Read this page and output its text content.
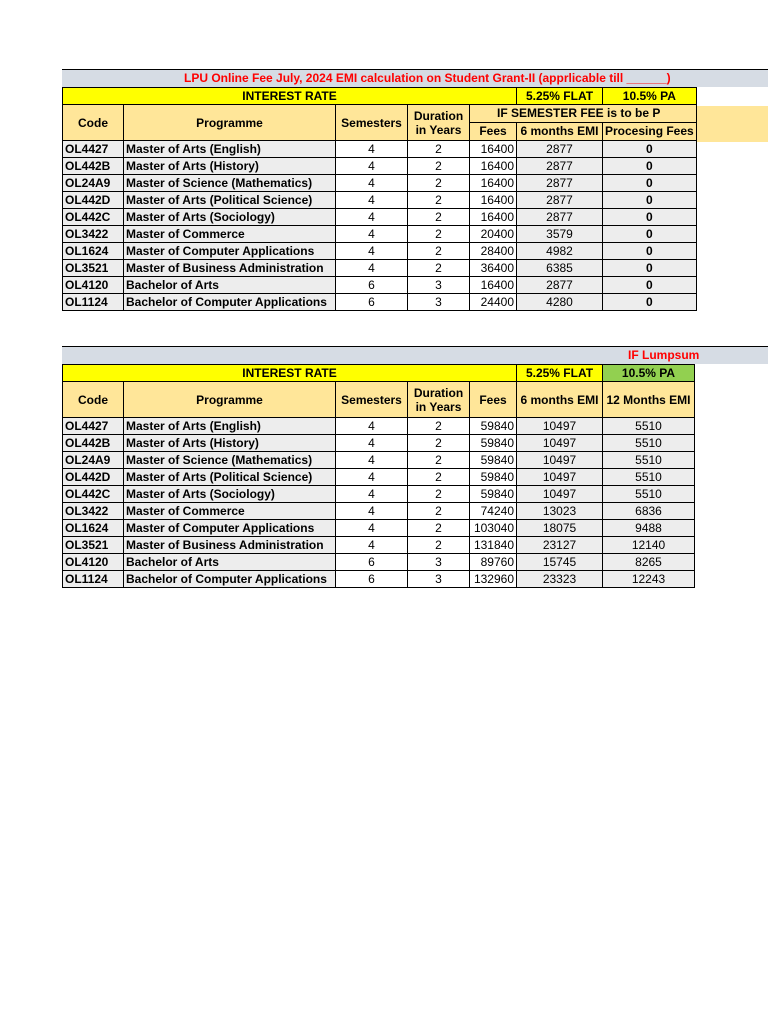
LPU Online Fee July, 2024 EMI calculation on Student Grant-II (apprlicable till ______)
INTEREST RATE					5.25% FLAT	10.5% PA
Code	Programme	Semesters	Duration in Years	IF SEMESTER FEE is to be P		
				Fees	6 months EMI	Procesing Fees
OL4427	Master of Arts (English)	4	2	16400	2877	0
OL442B	Master of Arts (History)	4	2	16400	2877	0
OL24A9	Master of Science (Mathematics)	4	2	16400	2877	0
OL442D	Master of Arts (Political Science)	4	2	16400	2877	0
OL442C	Master of Arts (Sociology)	4	2	16400	2877	0
OL3422	Master of Commerce	4	2	20400	3579	0
OL1624	Master of Computer Applications	4	2	28400	4982	0
OL3521	Master of Business Administration	4	2	36400	6385	0
OL4120	Bachelor of Arts	6	3	16400	2877	0
OL1124	Bachelor of Computer Applications	6	3	24400	4280	0
IF Lumpsum
INTEREST RATE					5.25% FLAT	10.5% PA
Code	Programme	Semesters	Duration in Years	Fees	6 months EMI	12 Months EMI
OL4427	Master of Arts (English)	4	2	59840	10497	5510
OL442B	Master of Arts (History)	4	2	59840	10497	5510
OL24A9	Master of Science (Mathematics)	4	2	59840	10497	5510
OL442D	Master of Arts (Political Science)	4	2	59840	10497	5510
OL442C	Master of Arts (Sociology)	4	2	59840	10497	5510
OL3422	Master of Commerce	4	2	74240	13023	6836
OL1624	Master of Computer Applications	4	2	103040	18075	9488
OL3521	Master of Business Administration	4	2	131840	23127	12140
OL4120	Bachelor of Arts	6	3	89760	15745	8265
OL1124	Bachelor of Computer Applications	6	3	132960	23323	12243
